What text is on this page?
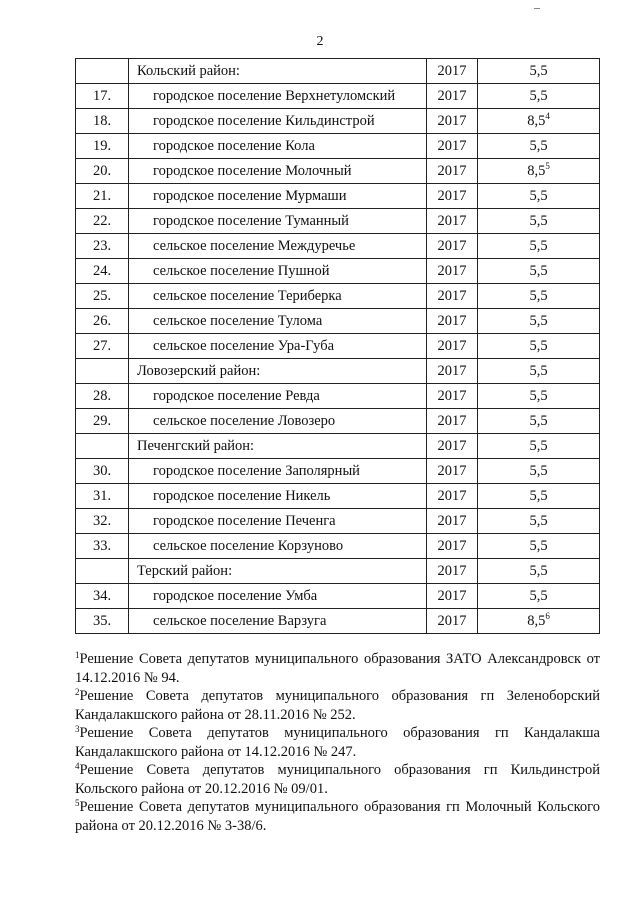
2
	Кольский район:	2017	5,5
17.	городское поселение Верхнетуломский	2017	5,5
18.	городское поселение Кильдинстрой	2017	$8,5^4$
19.	городское поселение Кола	2017	5,5
20.	городское поселение Молочный	2017	$8,5^5$
21.	городское поселение Мурмаши	2017	5,5
22.	городское поселение Туманный	2017	5,5
23.	сельское поселение Междуречье	2017	5,5
24.	сельское поселение Пушной	2017	5,5
25.	сельское поселение Териберка	2017	5,5
26.	сельское поселение Тулома	2017	5,5
27.	сельское поселение Ура-Губа	2017	5,5
	Ловозерский район:	2017	5,5
28.	городское поселение Ревда	2017	5,5
29.	сельское поселение Ловозеро	2017	5,5
	Печенгский район:	2017	5,5
30.	городское поселение Заполярный	2017	5,5
31.	городское поселение Никель	2017	5,5
32.	городское поселение Печенга	2017	5,5
33.	сельское поселение Корзуново	2017	5,5
	Терский район:	2017	5,5
34.	городское поселение Умба	2017	5,5
35.	сельское поселение Варзуга	2017	$8,5^6$
$^1$Решение Совета депутатов муниципального образования ЗАТО Александровск от 14.12.2016 № 94.
$^2$Решение Совета депутатов муниципального образования гп Зеленоборский Кандалакшского района от 28.11.2016 № 252.
$^3$Решение Совета депутатов муниципального образования гп Кандалакша Кандалакшского района от 14.12.2016 № 247.
$^4$Решение Совета депутатов муниципального образования гп Кильдинстрой Кольского района от 20.12.2016 № 09/01.
$^5$Решение Совета депутатов муниципального образования гп Молочный Кольского района от 20.12.2016 № 3-38/6.
